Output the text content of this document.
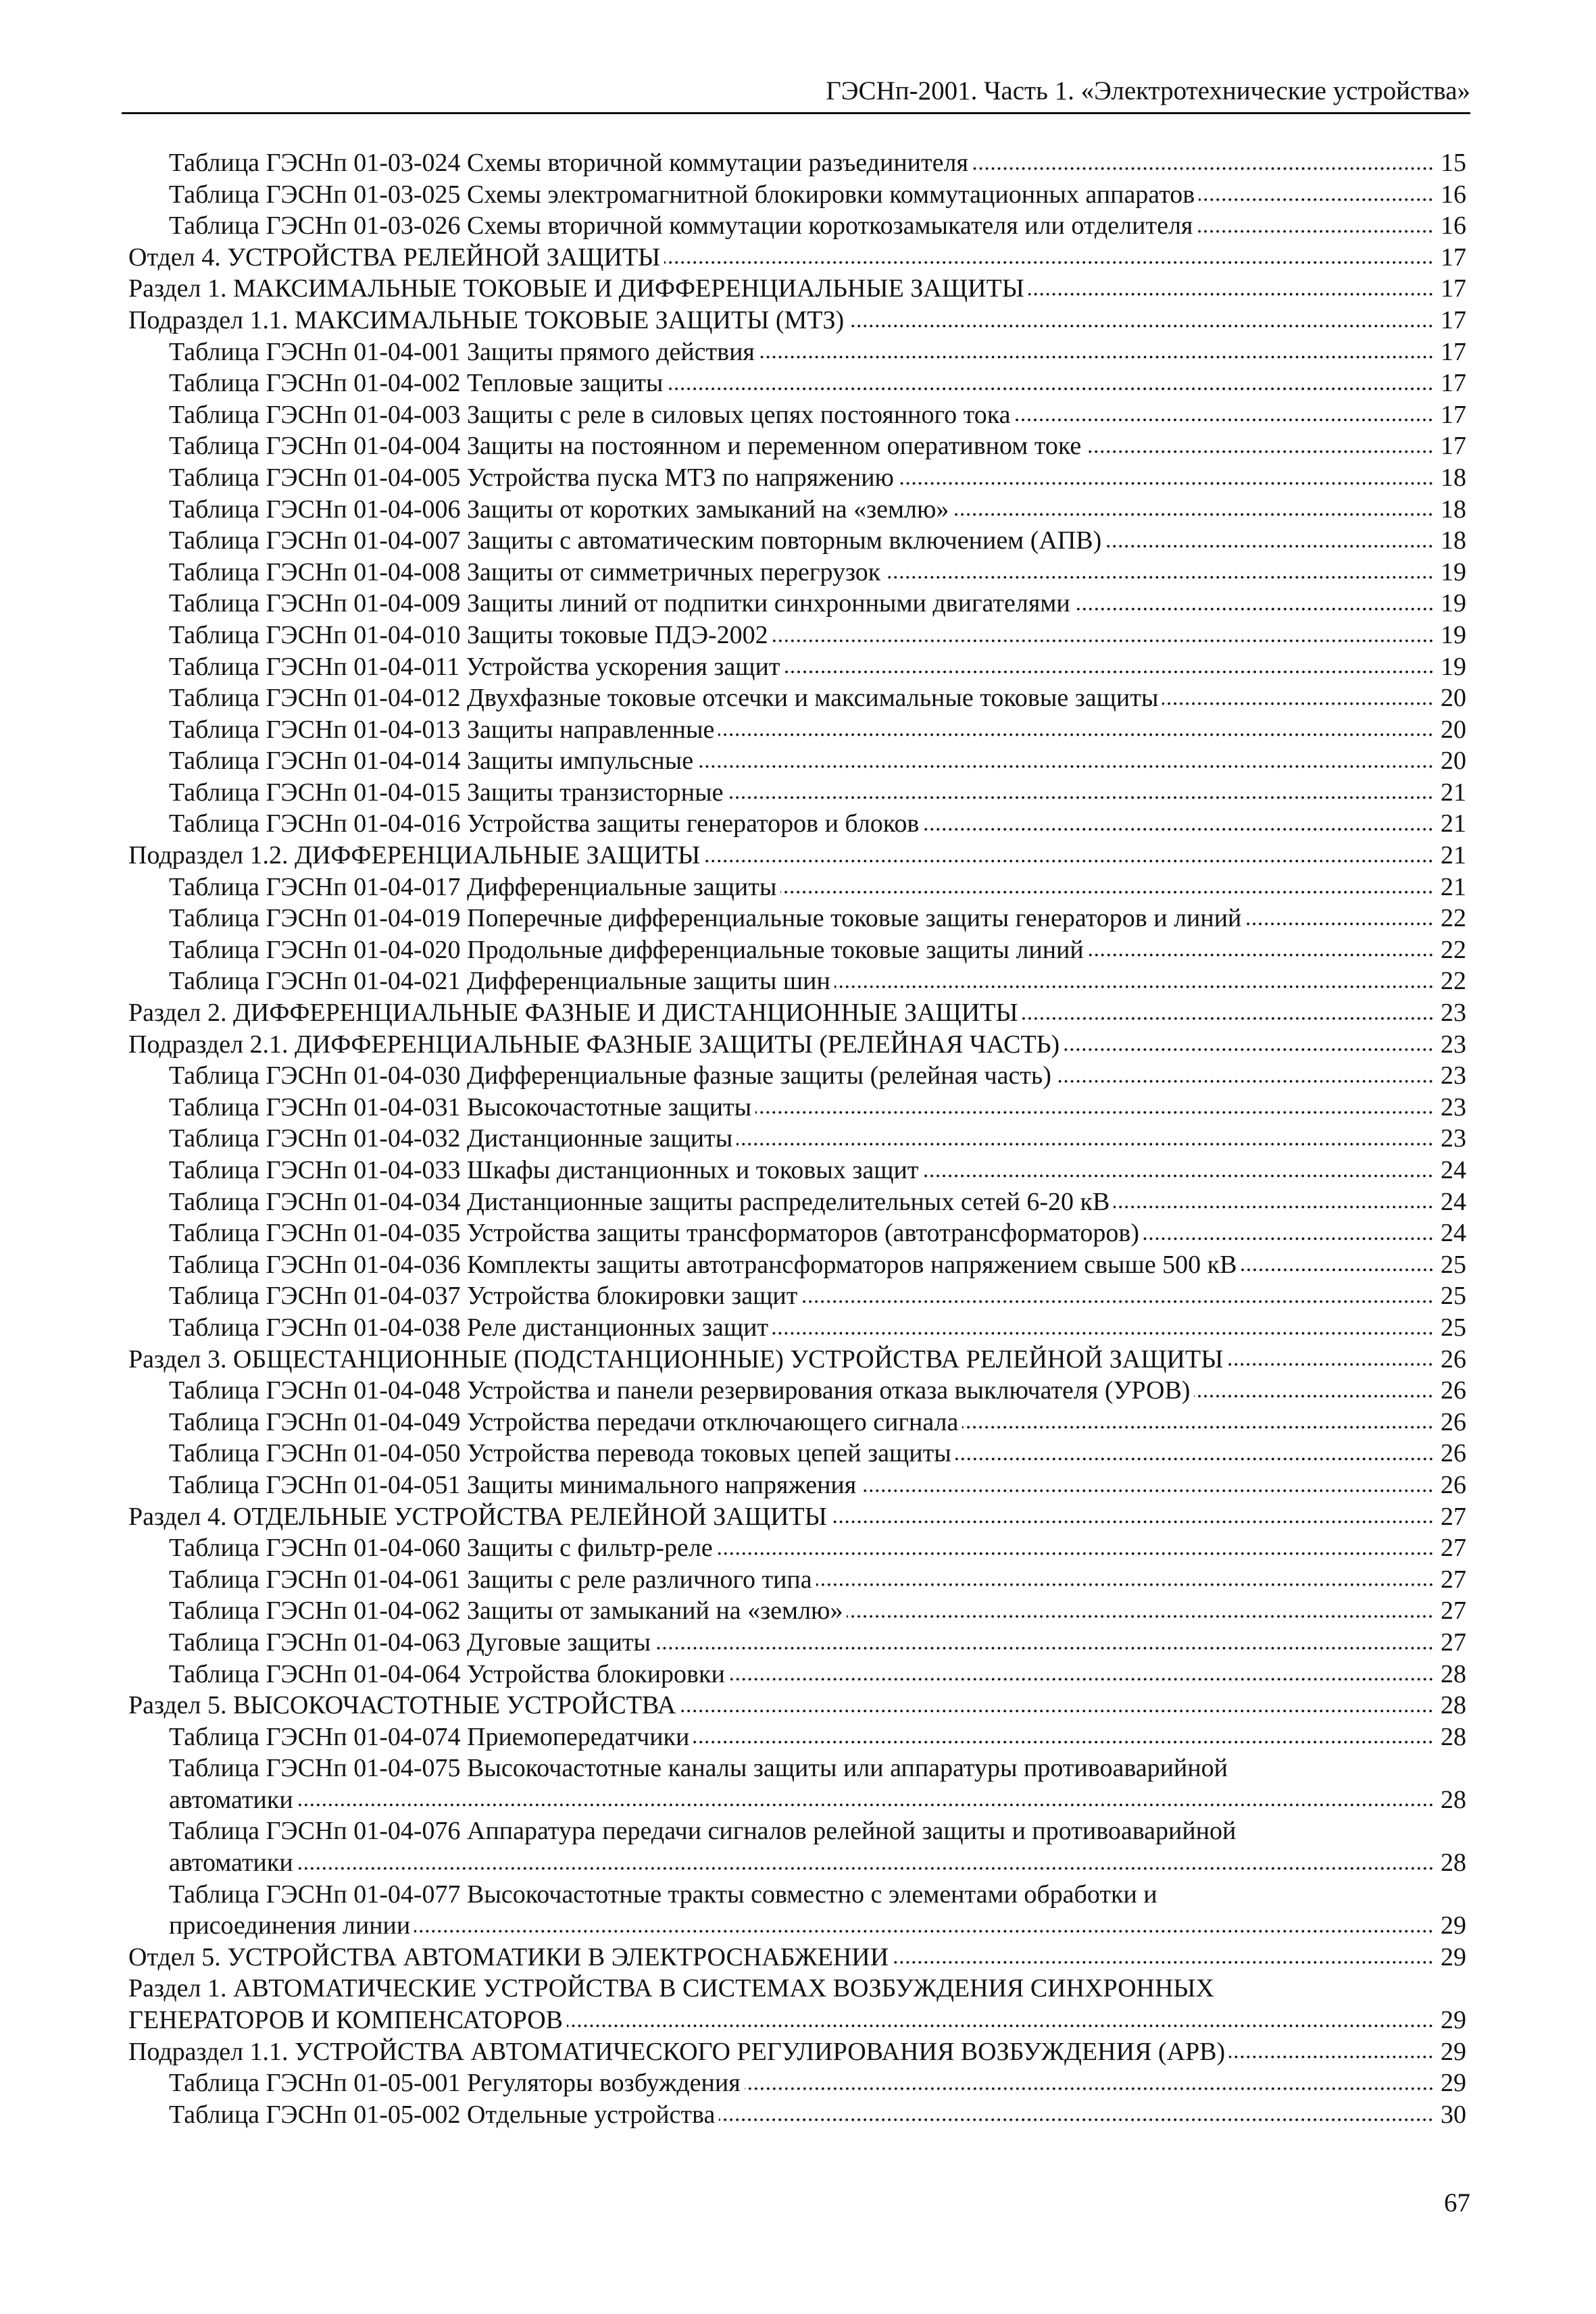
ГЭСНп-2001. Часть 1. «Электротехнические устройства»
Таблица ГЭСНп 01-03-024 Схемы вторичной коммутации разъединителя	15
Таблица ГЭСНп 01-03-025 Схемы электромагнитной блокировки коммутационных аппаратов	16
Таблица ГЭСНп 01-03-026 Схемы вторичной коммутации короткозамыкателя или отделителя	16
Отдел 4. УСТРОЙСТВА РЕЛЕЙНОЙ ЗАЩИТЫ	17
Раздел 1. МАКСИМАЛЬНЫЕ ТОКОВЫЕ И ДИФФЕРЕНЦИАЛЬНЫЕ ЗАЩИТЫ	17
Подраздел 1.1. МАКСИМАЛЬНЫЕ ТОКОВЫЕ ЗАЩИТЫ (МТЗ)	17
Таблица ГЭСНп 01-04-001 Защиты прямого действия	17
Таблица ГЭСНп 01-04-002 Тепловые защиты	17
Таблица ГЭСНп 01-04-003 Защиты с реле в силовых цепях постоянного тока	17
Таблица ГЭСНп 01-04-004 Защиты на постоянном и переменном оперативном токе	17
Таблица ГЭСНп 01-04-005 Устройства пуска МТЗ по напряжению	18
Таблица ГЭСНп 01-04-006 Защиты от коротких замыканий на «землю»	18
Таблица ГЭСНп 01-04-007 Защиты с автоматическим повторным включением (АПВ)	18
Таблица ГЭСНп 01-04-008 Защиты от симметричных перегрузок	19
Таблица ГЭСНп 01-04-009 Защиты линий от подпитки синхронными двигателями	19
Таблица ГЭСНп 01-04-010 Защиты токовые ПДЭ-2002	19
Таблица ГЭСНп 01-04-011 Устройства ускорения защит	19
Таблица ГЭСНп 01-04-012 Двухфазные токовые отсечки и максимальные токовые защиты	20
Таблица ГЭСНп 01-04-013 Защиты направленные	20
Таблица ГЭСНп 01-04-014 Защиты импульсные	20
Таблица ГЭСНп 01-04-015 Защиты транзисторные	21
Таблица ГЭСНп 01-04-016 Устройства защиты генераторов и блоков	21
Подраздел 1.2. ДИФФЕРЕНЦИАЛЬНЫЕ ЗАЩИТЫ	21
Таблица ГЭСНп 01-04-017 Дифференциальные защиты	21
Таблица ГЭСНп 01-04-019 Поперечные дифференциальные токовые защиты генераторов и линий	22
Таблица ГЭСНп 01-04-020 Продольные дифференциальные токовые защиты линий	22
Таблица ГЭСНп 01-04-021 Дифференциальные защиты шин	22
Раздел 2. ДИФФЕРЕНЦИАЛЬНЫЕ ФАЗНЫЕ И ДИСТАНЦИОННЫЕ ЗАЩИТЫ	23
Подраздел 2.1. ДИФФЕРЕНЦИАЛЬНЫЕ ФАЗНЫЕ ЗАЩИТЫ (РЕЛЕЙНАЯ ЧАСТЬ)	23
Таблица ГЭСНп 01-04-030 Дифференциальные фазные защиты (релейная часть)	23
Таблица ГЭСНп 01-04-031 Высокочастотные защиты	23
Таблица ГЭСНп 01-04-032 Дистанционные защиты	23
Таблица ГЭСНп 01-04-033 Шкафы дистанционных и токовых защит	24
Таблица ГЭСНп 01-04-034 Дистанционные защиты распределительных сетей 6-20 кВ	24
Таблица ГЭСНп 01-04-035 Устройства защиты трансформаторов (автотрансформаторов)	24
Таблица ГЭСНп 01-04-036 Комплекты защиты автотрансформаторов напряжением свыше 500 кВ	25
Таблица ГЭСНп 01-04-037 Устройства блокировки защит	25
Таблица ГЭСНп 01-04-038 Реле дистанционных защит	25
Раздел 3. ОБЩЕСТАНЦИОННЫЕ (ПОДСТАНЦИОННЫЕ) УСТРОЙСТВА РЕЛЕЙНОЙ ЗАЩИТЫ	26
Таблица ГЭСНп 01-04-048 Устройства и панели резервирования отказа выключателя (УРОВ)	26
Таблица ГЭСНп 01-04-049 Устройства передачи отключающего сигнала	26
Таблица ГЭСНп 01-04-050 Устройства перевода токовых цепей защиты	26
Таблица ГЭСНп 01-04-051 Защиты минимального напряжения	26
Раздел 4. ОТДЕЛЬНЫЕ УСТРОЙСТВА РЕЛЕЙНОЙ ЗАЩИТЫ	27
Таблица ГЭСНп 01-04-060 Защиты с фильтр-реле	27
Таблица ГЭСНп 01-04-061 Защиты с реле различного типа	27
Таблица ГЭСНп 01-04-062 Защиты от замыканий на «землю»	27
Таблица ГЭСНп 01-04-063 Дуговые защиты	27
Таблица ГЭСНп 01-04-064 Устройства блокировки	28
Раздел 5. ВЫСОКОЧАСТОТНЫЕ УСТРОЙСТВА	28
Таблица ГЭСНп 01-04-074 Приемопередатчики	28
Таблица ГЭСНп 01-04-075 Высокочастотные каналы защиты или аппаратуры противоаварийной
автоматики	28
Таблица ГЭСНп 01-04-076 Аппаратура передачи сигналов релейной защиты и противоаварийной
автоматики	28
Таблица ГЭСНп 01-04-077 Высокочастотные тракты совместно с элементами обработки и
присоединения линии	29
Отдел 5. УСТРОЙСТВА АВТОМАТИКИ В ЭЛЕКТРОСНАБЖЕНИИ	29
Раздел 1. АВТОМАТИЧЕСКИЕ УСТРОЙСТВА В СИСТЕМАХ ВОЗБУЖДЕНИЯ СИНХРОННЫХ
ГЕНЕРАТОРОВ И КОМПЕНСАТОРОВ	29
Подраздел 1.1. УСТРОЙСТВА АВТОМАТИЧЕСКОГО РЕГУЛИРОВАНИЯ ВОЗБУЖДЕНИЯ (АРВ)	29
Таблица ГЭСНп 01-05-001 Регуляторы возбуждения	29
Таблица ГЭСНп 01-05-002 Отдельные устройства	30
67
